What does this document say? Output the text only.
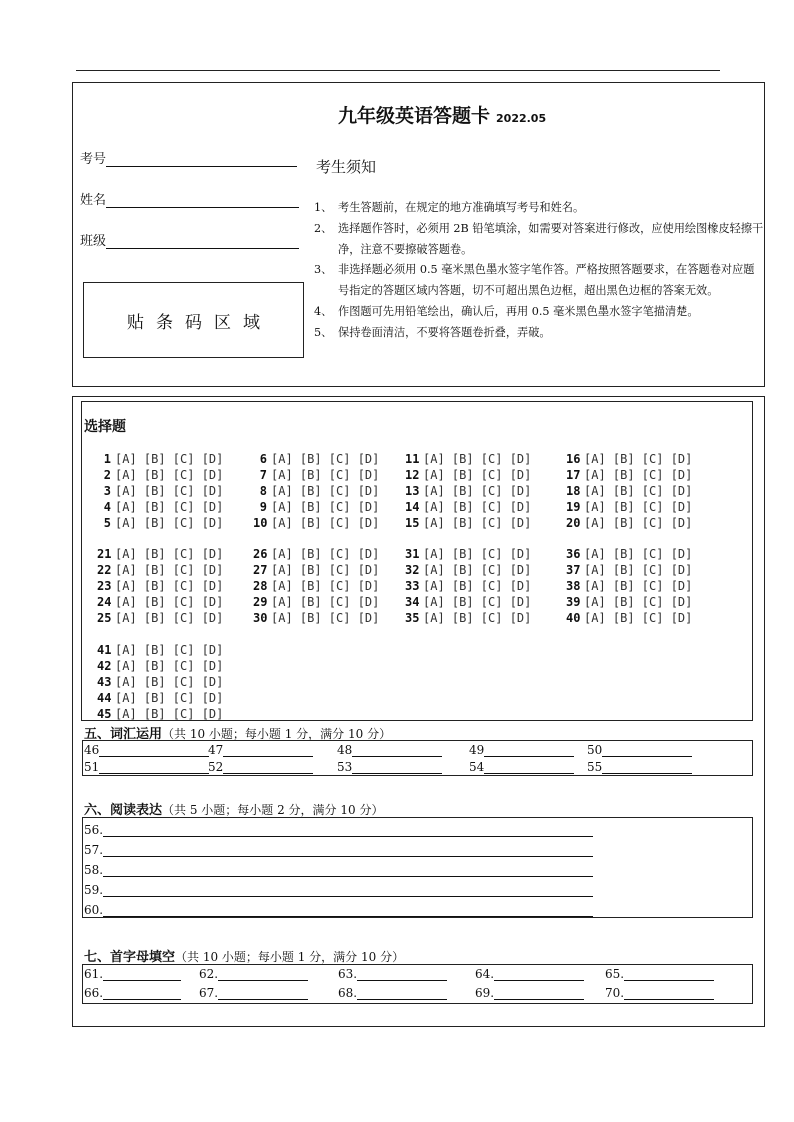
九年级英语答题卡 2022.05
考号
姓名
班级
贴条码区域
考生须知
1、 考生答题前，在规定的地方准确填写考号和姓名。
2、 选择题作答时，必须用 2B 铅笔填涂，如需要对答案进行修改，应使用绘图橡皮轻擦干净，注意不要擦破答题卷。
3、 非选择题必须用 0.5 毫米黑色墨水签字笔作答。严格按照答题要求，在答题卷对应题号指定的答题区域内答题，切不可超出黑色边框，超出黑色边框的答案无效。
4、 作图题可先用铅笔绘出，确认后，再用 0.5 毫米黑色墨水签字笔描清楚。
5、 保持卷面清洁，不要将答题卷折叠，弄破。
选择题
1 [A] [B] [C] [D]
2 [A] [B] [C] [D]
3 [A] [B] [C] [D]
4 [A] [B] [C] [D]
5 [A] [B] [C] [D]
6 [A] [B] [C] [D]
7 [A] [B] [C] [D]
8 [A] [B] [C] [D]
9 [A] [B] [C] [D]
10 [A] [B] [C] [D]
11 [A] [B] [C] [D]
12 [A] [B] [C] [D]
13 [A] [B] [C] [D]
14 [A] [B] [C] [D]
15 [A] [B] [C] [D]
16 [A] [B] [C] [D]
17 [A] [B] [C] [D]
18 [A] [B] [C] [D]
19 [A] [B] [C] [D]
20 [A] [B] [C] [D]
21 [A] [B] [C] [D]
22 [A] [B] [C] [D]
23 [A] [B] [C] [D]
24 [A] [B] [C] [D]
25 [A] [B] [C] [D]
26 [A] [B] [C] [D]
27 [A] [B] [C] [D]
28 [A] [B] [C] [D]
29 [A] [B] [C] [D]
30 [A] [B] [C] [D]
31 [A] [B] [C] [D]
32 [A] [B] [C] [D]
33 [A] [B] [C] [D]
34 [A] [B] [C] [D]
35 [A] [B] [C] [D]
36 [A] [B] [C] [D]
37 [A] [B] [C] [D]
38 [A] [B] [C] [D]
39 [A] [B] [C] [D]
40 [A] [B] [C] [D]
41 [A] [B] [C] [D]
42 [A] [B] [C] [D]
43 [A] [B] [C] [D]
44 [A] [B] [C] [D]
45 [A] [B] [C] [D]
五、词汇运用（共 10 小题；每小题 1 分，满分 10 分）
46	47	48	49	50
51	52	53	54	55
六、阅读表达（共 5 小题；每小题 2 分，满分 10 分）
56.
57.
58.
59.
60.
七、首字母填空（共 10 小题；每小题 1 分，满分 10 分）
61.	62.	63.	64.	65.
66.	67.	68.	69.	70.
